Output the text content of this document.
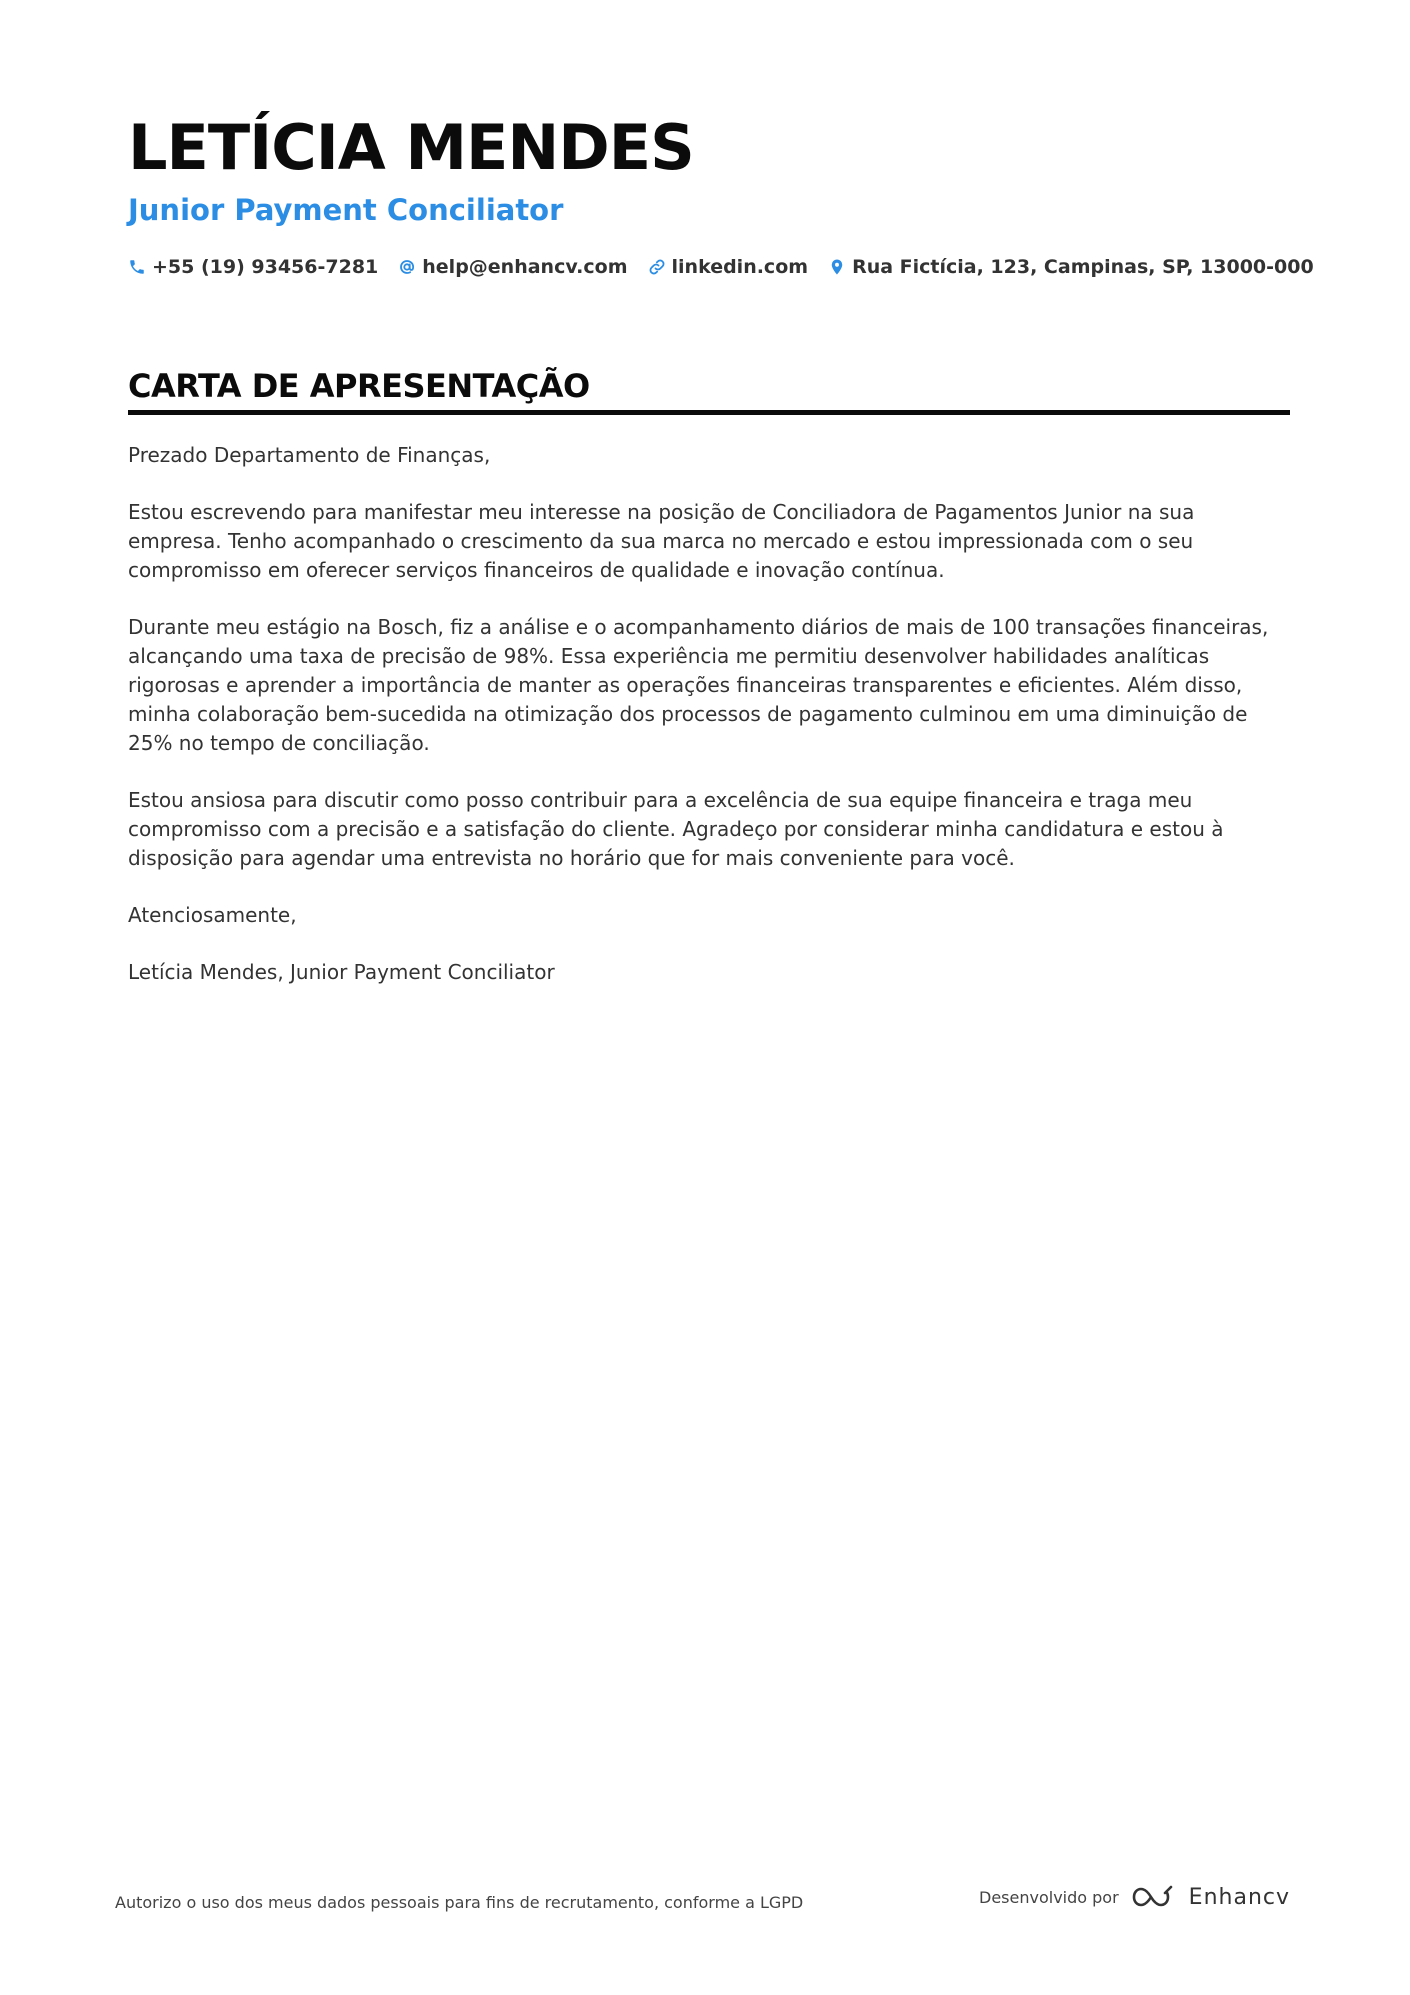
LETÍCIA MENDES
Junior Payment Conciliator
+55 (19) 93456-7281 help@enhancv.com linkedin.com Rua Fictícia, 123, Campinas, SP, 13000-000
CARTA DE APRESENTAÇÃO

Prezado Departamento de Finanças,

Estou escrevendo para manifestar meu interesse na posição de Conciliadora de Pagamentos Junior na sua empresa. Tenho acompanhado o crescimento da sua marca no mercado e estou impressionada com o seu compromisso em oferecer serviços financeiros de qualidade e inovação contínua.

Durante meu estágio na Bosch, fiz a análise e o acompanhamento diários de mais de 100 transações financeiras, alcançando uma taxa de precisão de 98%. Essa experiência me permitiu desenvolver habilidades analíticas rigorosas e aprender a importância de manter as operações financeiras transparentes e eficientes. Além disso, minha colaboração bem-sucedida na otimização dos processos de pagamento culminou em uma diminuição de 25% no tempo de conciliação.

Estou ansiosa para discutir como posso contribuir para a excelência de sua equipe financeira e traga meu compromisso com a precisão e a satisfação do cliente. Agradeço por considerar minha candidatura e estou à disposição para agendar uma entrevista no horário que for mais conveniente para você.

Atenciosamente,

Letícia Mendes, Junior Payment Conciliator

Autorizo o uso dos meus dados pessoais para fins de recrutamento, conforme a LGPD	Desenvolvido por	Enhancv
